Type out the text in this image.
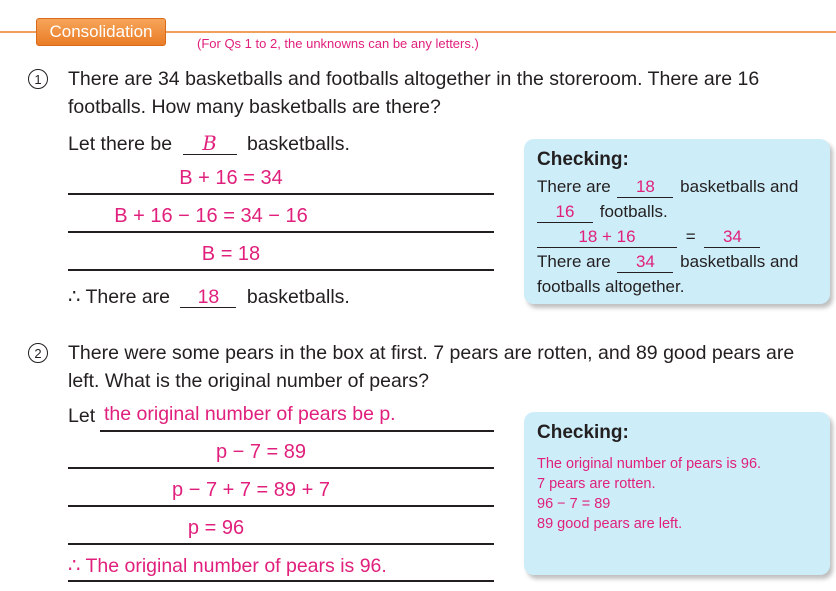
Consolidation
(For Qs 1 to 2, the unknowns can be any letters.)
1	There are 34 basketballs and footballs altogether in the storeroom. There are 16 footballs. How many basketballs are there?
Let there be B basketballs.
B + 16 = 34
B + 16 − 16 = 34 − 16
B = 18
∴ There are 18 basketballs.
Checking:
There are 18 basketballs and
16 footballs.
18 + 16	= 34
There are 34 basketballs and
footballs altogether.
2	There were some pears in the box at first. 7 pears are rotten, and 89 good pears are left. What is the original number of pears?
Let the original number of pears be p.
p − 7 = 89
p − 7 + 7 = 89 + 7
p = 96
∴ The original number of pears is 96.
Checking:
The original number of pears is 96.
7 pears are rotten.
96 − 7 = 89
89 good pears are left.
